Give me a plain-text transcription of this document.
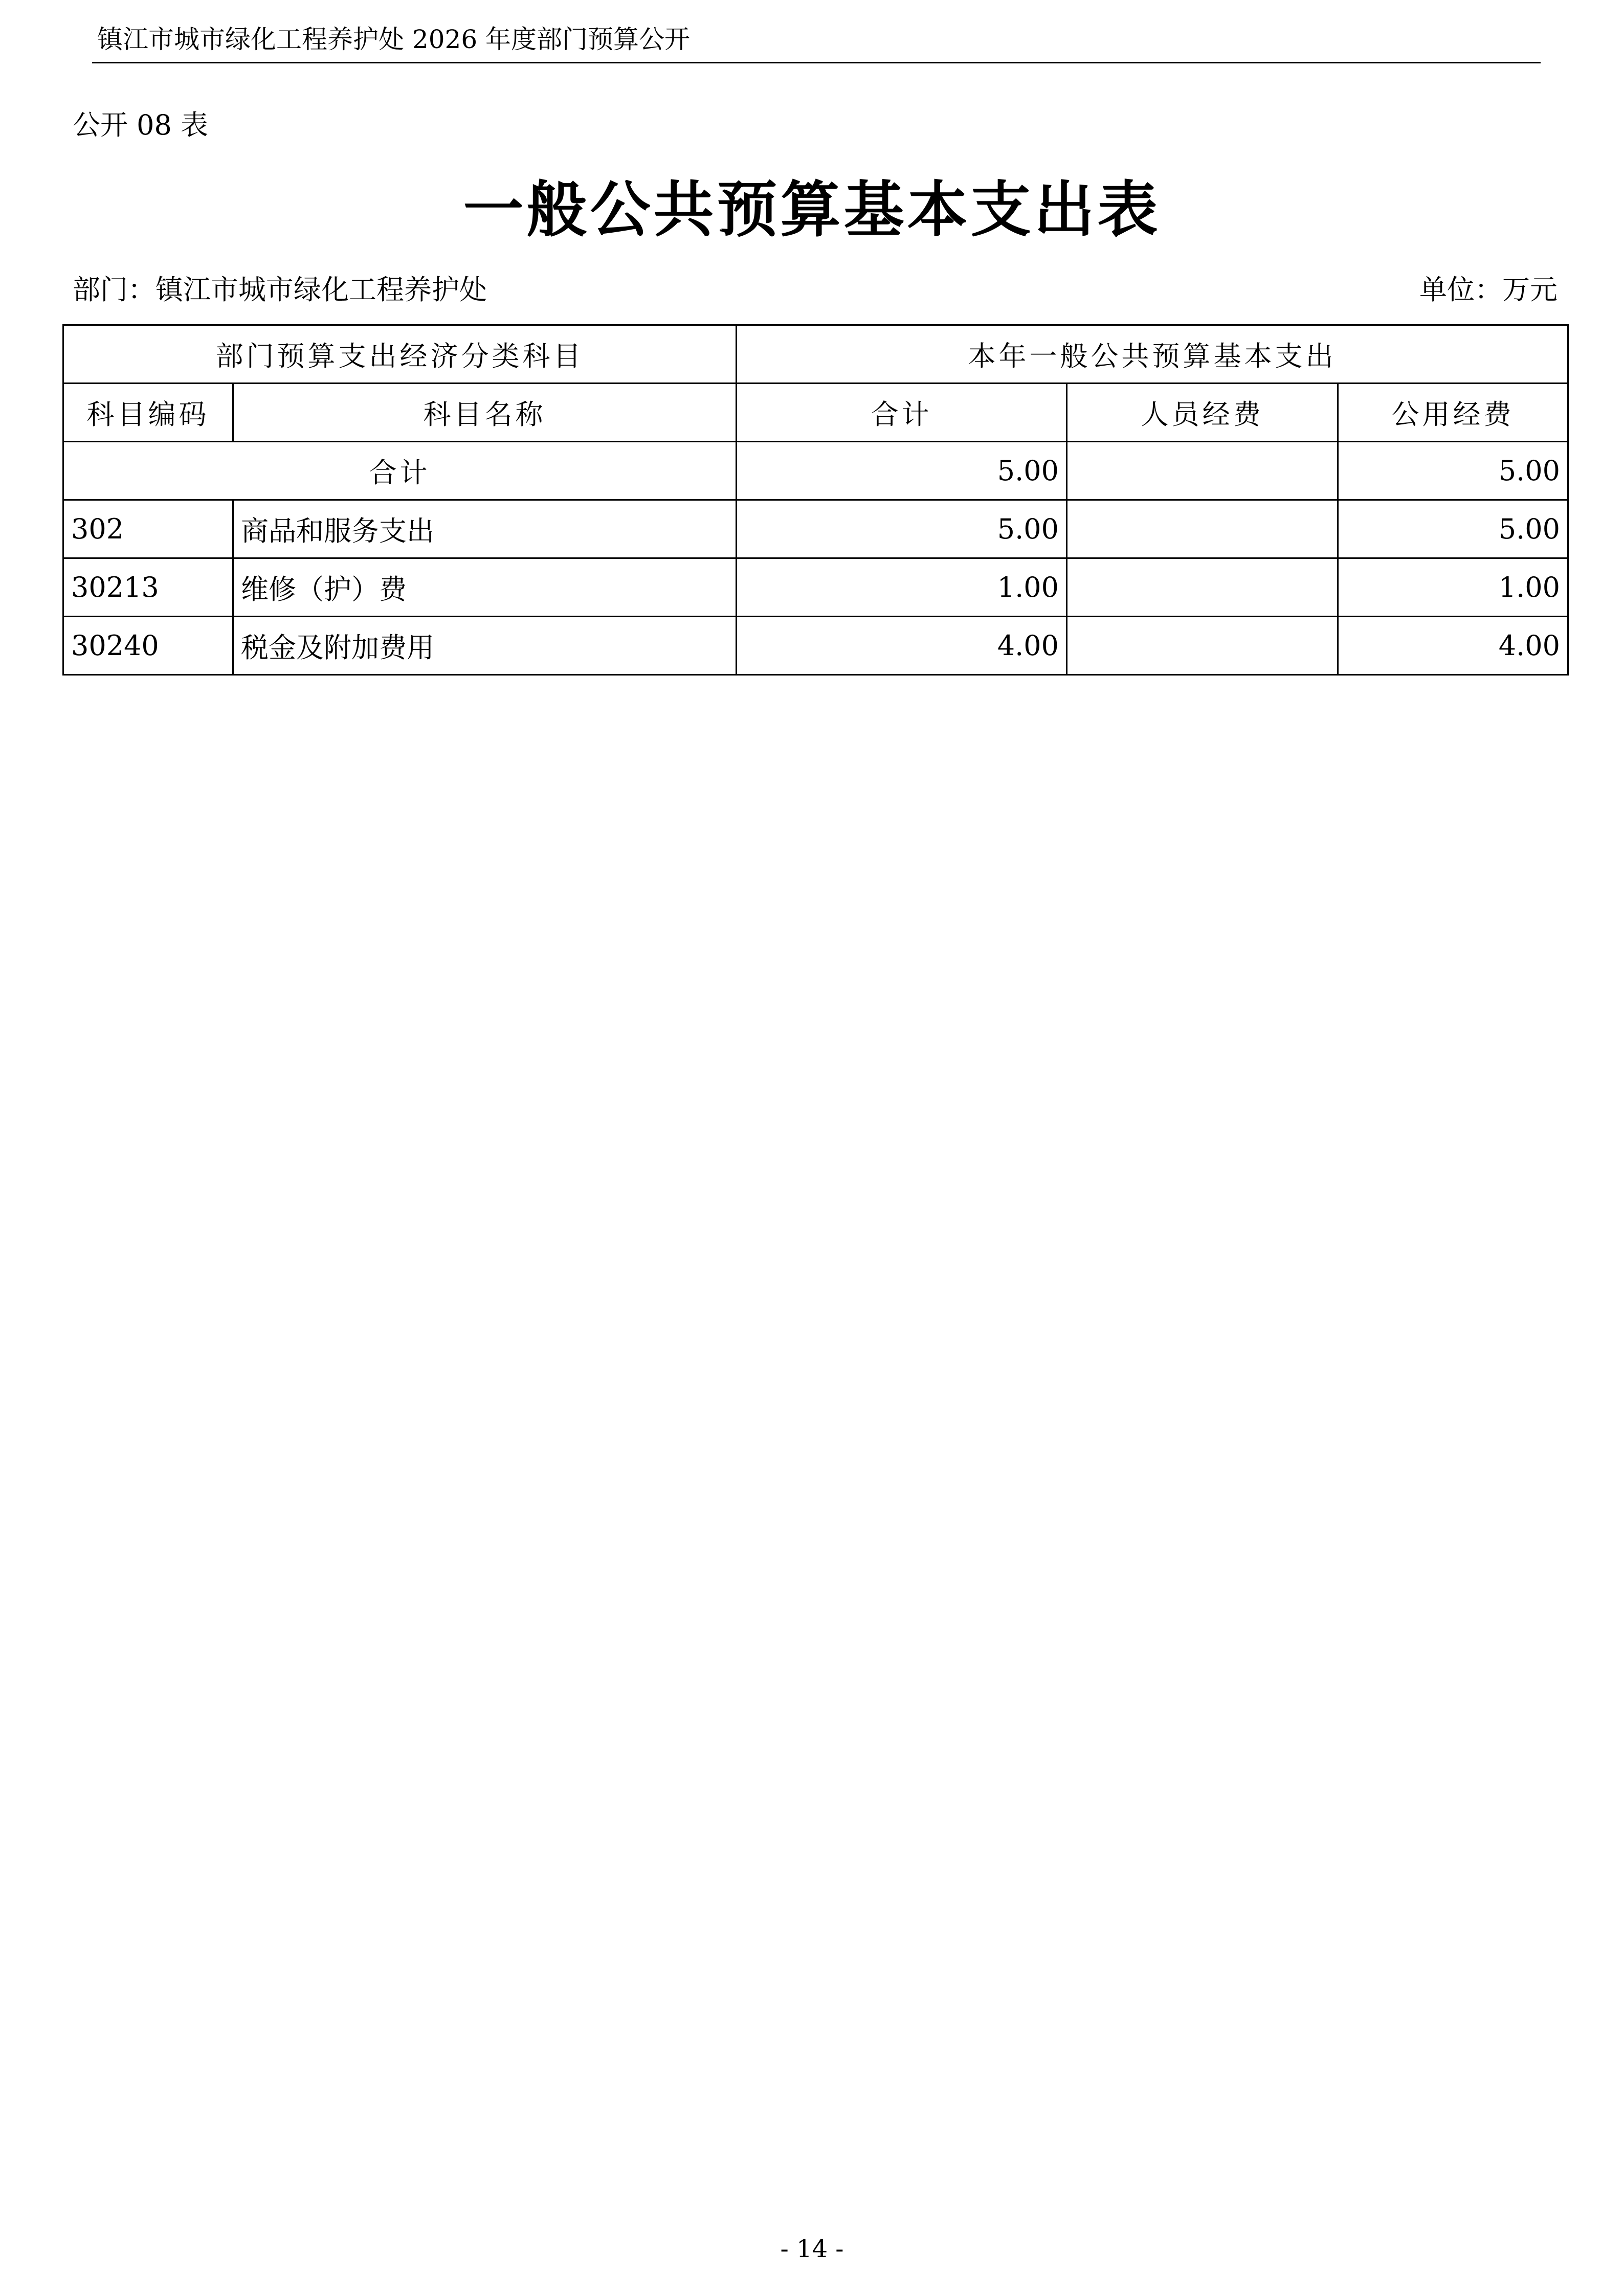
镇江市城市绿化工程养护处 2026 年度部门预算公开
公开 08 表
一般公共预算基本支出表
部门：镇江市城市绿化工程养护处	单位：万元
部门预算支出经济分类科目		本年一般公共预算基本支出		
科目编码	科目名称	合计	人员经费	公用经费
合计		5.00		5.00
302	商品和服务支出	5.00		5.00
30213	维修（护）费	1.00		1.00
30240	税金及附加费用	4.00		4.00
- 14 -
